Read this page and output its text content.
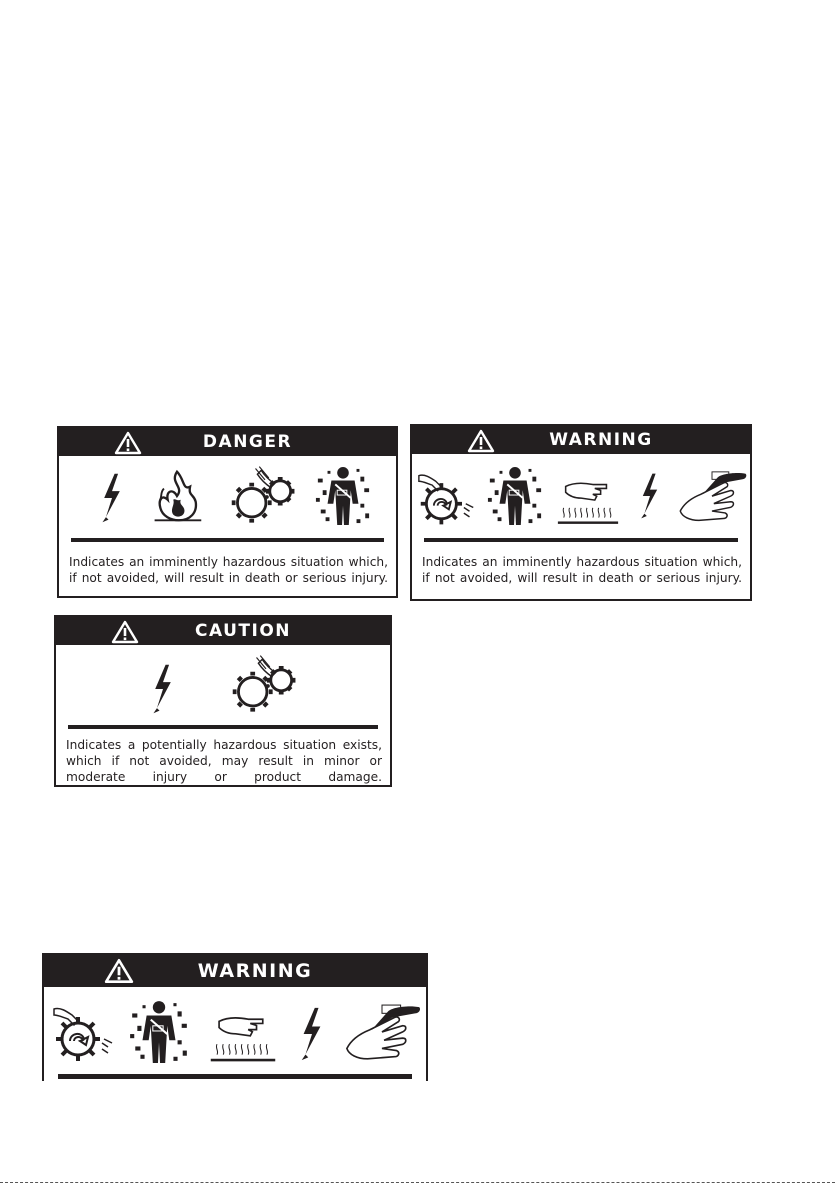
DANGER
Indicates an imminently hazardous situation which, if not avoided, will result in death or serious injury.
WARNING
Indicates an imminently hazardous situation which, if not avoided, will result in death or serious injury.
CAUTION
Indicates a potentially hazardous situation exists, which if not avoided, may result in minor or moderate injury or product damage.
WARNING
